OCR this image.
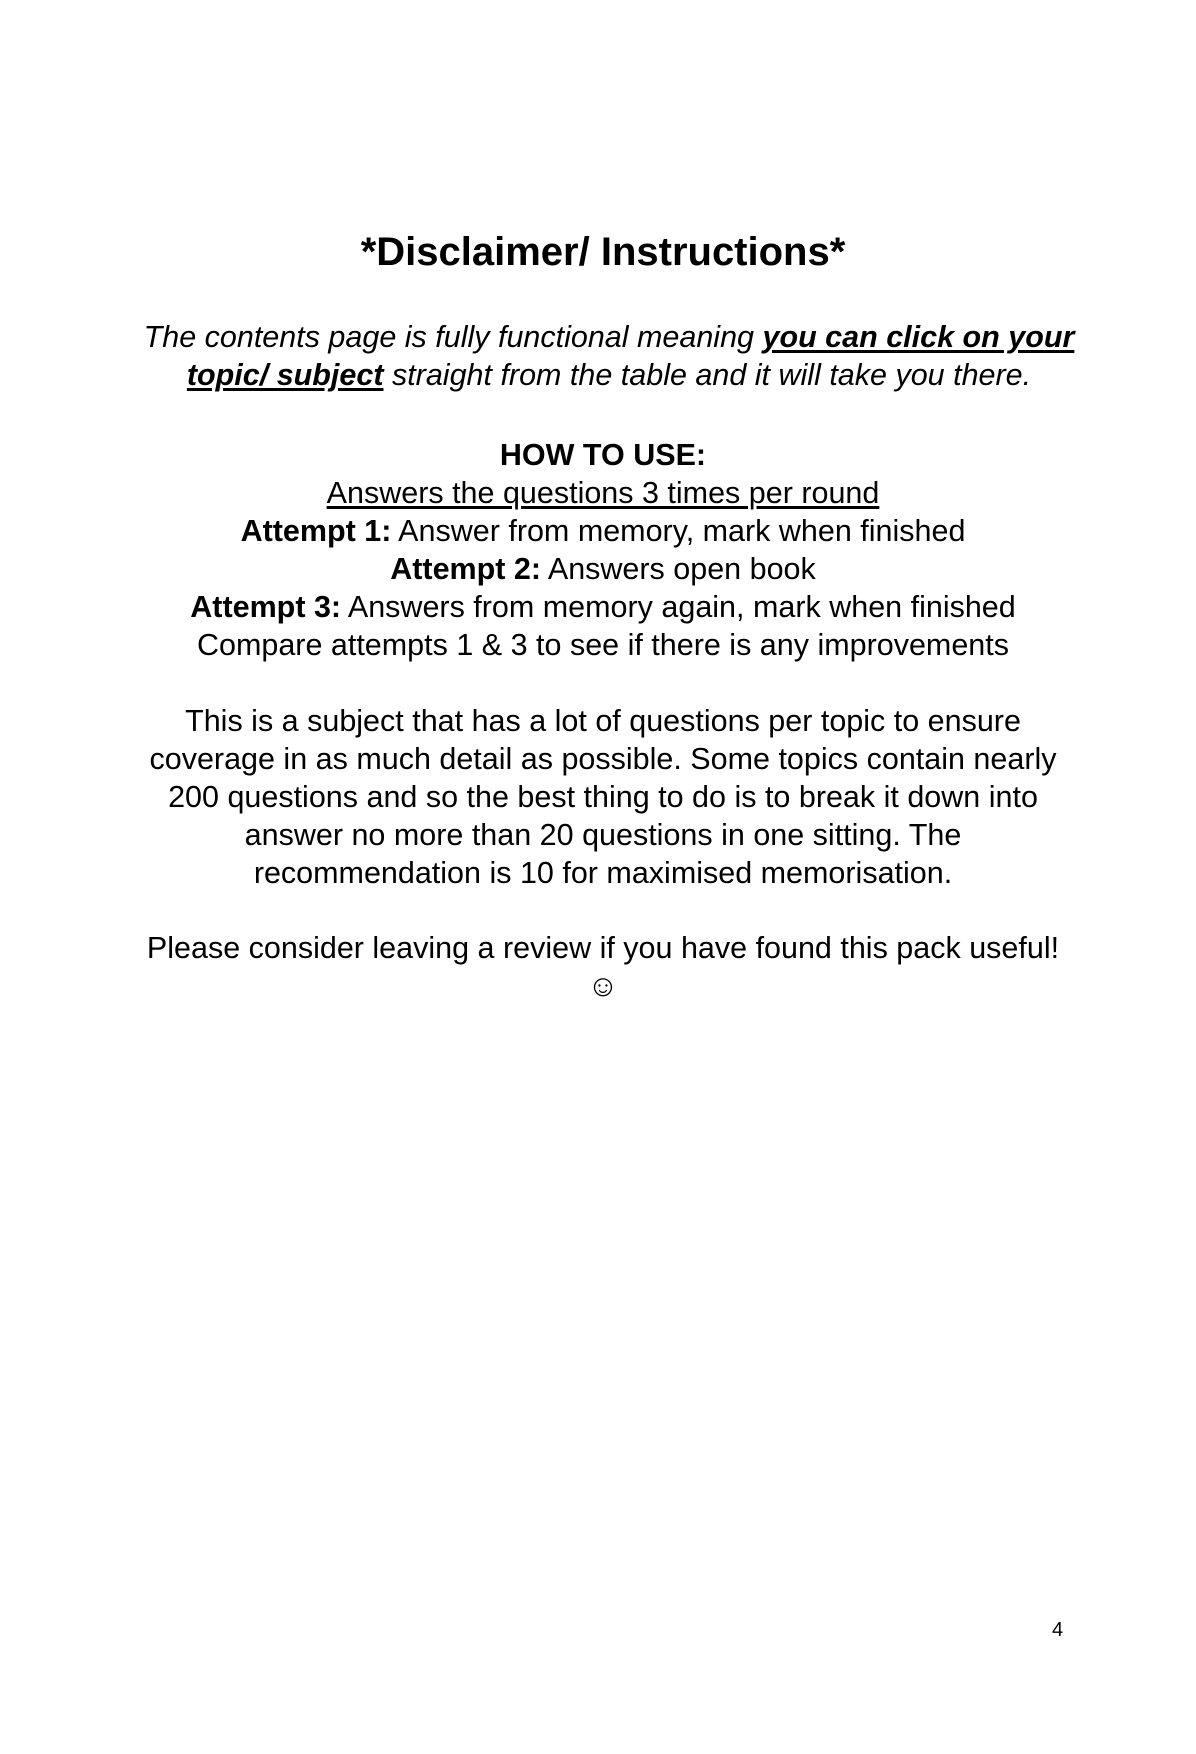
*Disclaimer/ Instructions*

The contents page is fully functional meaning you can click on your topic/ subject straight from the table and it will take you there.

HOW TO USE:

Answers the questions 3 times per round

Attempt 1: Answer from memory, mark when finished

Attempt 2: Answers open book

Attempt 3: Answers from memory again, mark when finished

Compare attempts 1 & 3 to see if there is any improvements

This is a subject that has a lot of questions per topic to ensure coverage in as much detail as possible. Some topics contain nearly 200 questions and so the best thing to do is to break it down into answer no more than 20 questions in one sitting. The recommendation is 10 for maximised memorisation.

Please consider leaving a review if you have found this pack useful! ☺

4
